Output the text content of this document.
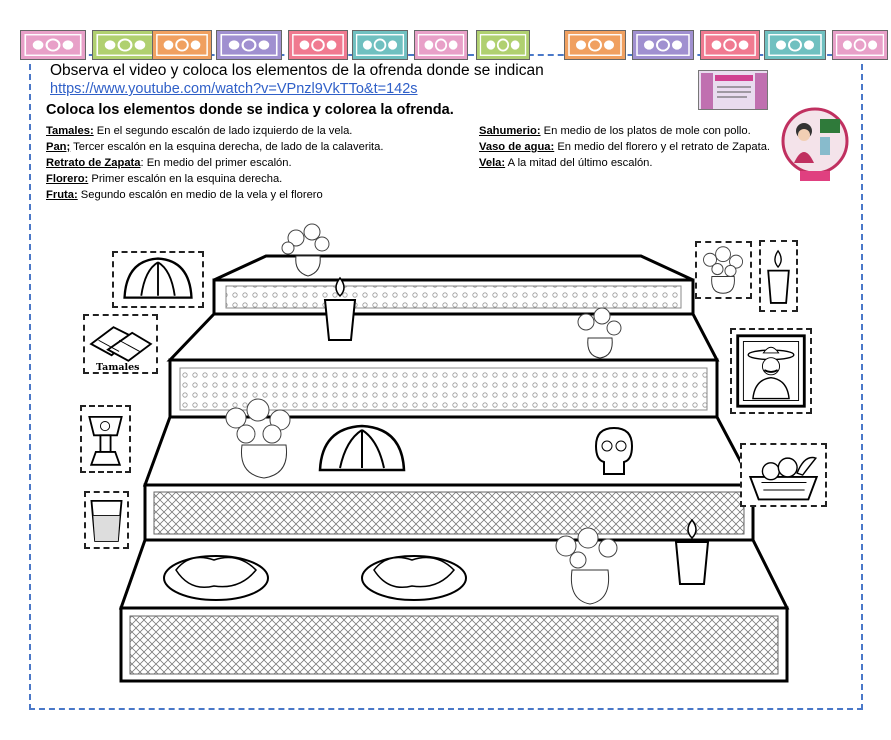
Observa el video y coloca los elementos de la ofrenda donde se indican
https://www.youtube.com/watch?v=VPnzl9VkTTo&t=142s
Coloca los elementos donde se indica y colorea la ofrenda.
Tamales: En el segundo escalón de lado izquierdo de la vela.
Pan; Tercer escalón en la esquina derecha, de lado de la calaverita.
Retrato de Zapata: En medio del primer escalón.
Florero: Primer escalón en la esquina derecha.
Fruta: Segundo escalón en medio de la vela y el florero
Sahumerio: En medio de los platos de mole con pollo.
Vaso de agua: En medio del florero y el retrato de Zapata.
Vela: A la mitad del último escalón.
Tamales
